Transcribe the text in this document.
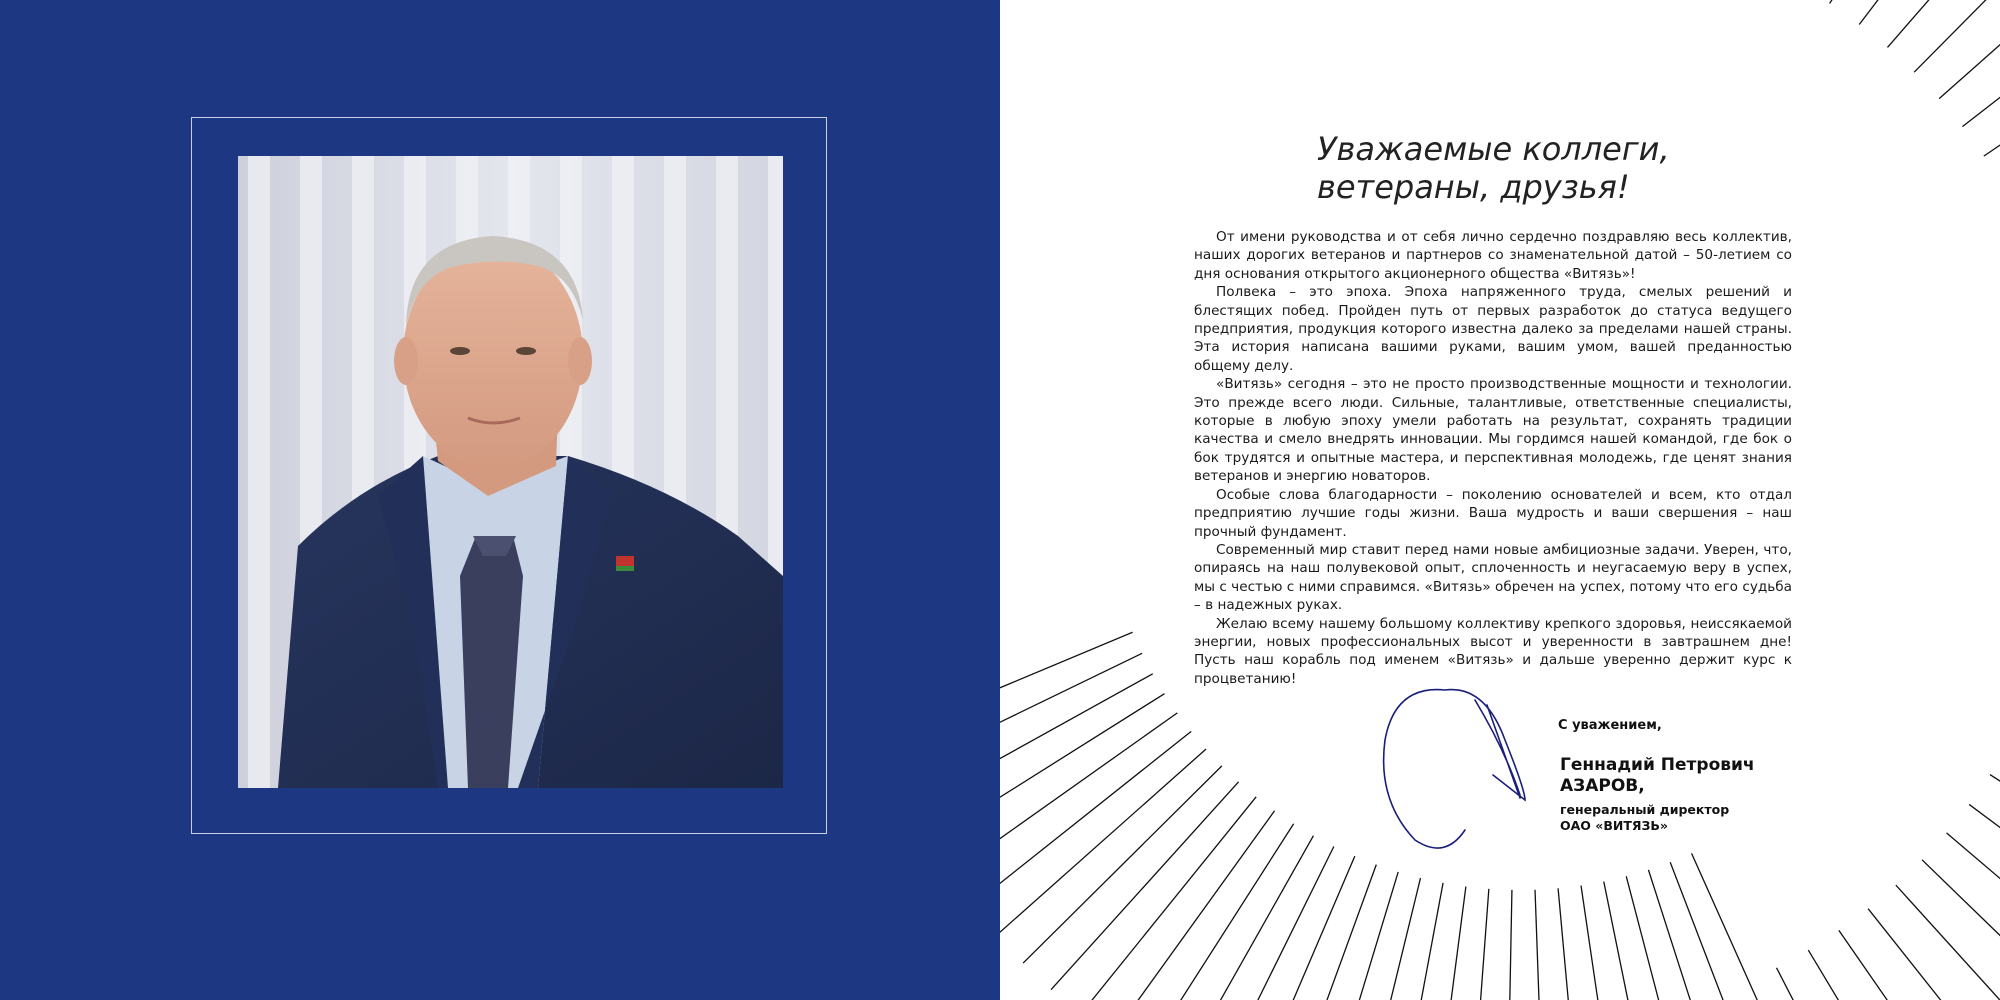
Уважаемые коллеги,
ветераны, друзья!

От имени руководства и от себя лично сердечно поздравляю весь коллектив, наших дорогих ветеранов и партнеров со знаменательной датой – 50-летием со дня основания открытого акционерного общества «Витязь»!

Полвека – это эпоха. Эпоха напряженного труда, смелых решений и блестящих побед. Пройден путь от первых разработок до статуса ведущего предприятия, продукция которого известна далеко за пределами нашей страны. Эта история написана вашими руками, вашим умом, вашей преданностью общему делу.

«Витязь» сегодня – это не просто производственные мощности и технологии. Это прежде всего люди. Сильные, талантливые, ответственные специалисты, которые в любую эпоху умели работать на результат, сохранять традиции качества и смело внедрять инновации. Мы гордимся нашей командой, где бок о бок трудятся и опытные мастера, и перспективная молодежь, где ценят знания ветеранов и энергию новаторов.

Особые слова благодарности – поколению основателей и всем, кто отдал предприятию лучшие годы жизни. Ваша мудрость и ваши свершения – наш прочный фундамент.

Современный мир ставит перед нами новые амбициозные задачи. Уверен, что, опираясь на наш полувековой опыт, сплоченность и неугасаемую веру в успех, мы с честью с ними справимся. «Витязь» обречен на успех, потому что его судьба – в надежных руках.

Желаю всему нашему большому коллективу крепкого здоровья, неиссякаемой энергии, новых профессиональных высот и уверенности в завтрашнем дне! Пусть наш корабль под именем «Витязь» и дальше уверенно держит курс к процветанию!

С уважением,

Геннадий Петрович

АЗАРОВ,

генеральный директор

ОАО «ВИТЯЗЬ»
